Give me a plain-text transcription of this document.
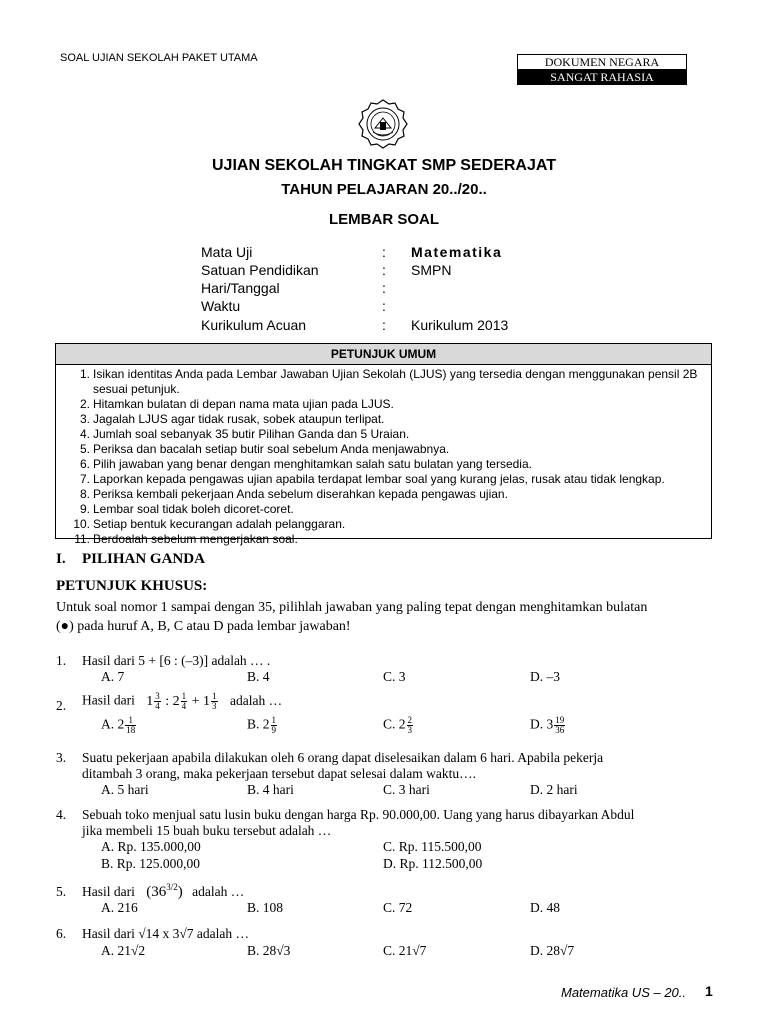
SOAL UJIAN SEKOLAH PAKET UTAMA	DOKUMEN NEGARA
SANGAT RAHASIA
UJIAN SEKOLAH TINGKAT SMP SEDERAJAT
TAHUN PELAJARAN 20../20..
LEMBAR SOAL
Mata Uji	: Matematika
Satuan Pendidikan	: SMPN
Hari/Tanggal	:
Waktu	:
Kurikulum Acuan	: Kurikulum 2013
PETUNJUK UMUM
1. Isikan identitas Anda pada Lembar Jawaban Ujian Sekolah (LJUS) yang tersedia dengan menggunakan pensil 2B sesuai petunjuk.
2. Hitamkan bulatan di depan nama mata ujian pada LJUS.
3. Jagalah LJUS agar tidak rusak, sobek ataupun terlipat.
4. Jumlah soal sebanyak 35 butir Pilihan Ganda dan 5 Uraian.
5. Periksa dan bacalah setiap butir soal sebelum Anda menjawabnya.
6. Pilih jawaban yang benar dengan menghitamkan salah satu bulatan yang tersedia.
7. Laporkan kepada pengawas ujian apabila terdapat lembar soal yang kurang jelas, rusak atau tidak lengkap.
8. Periksa kembali pekerjaan Anda sebelum diserahkan kepada pengawas ujian.
9. Lembar soal tidak boleh dicoret-coret.
10. Setiap bentuk kecurangan adalah pelanggaran.
11. Berdoalah sebelum mengerjakan soal.
I. PILIHAN GANDA
PETUNJUK KHUSUS:
Untuk soal nomor 1 sampai dengan 35, pilihlah jawaban yang paling tepat dengan menghitamkan bulatan
(●) pada huruf A, B, C atau D pada lembar jawaban!
1. Hasil dari 5 + [6 : (–3)] adalah … .
A. 7	B. 4	C. 3	D. –3
2. Hasil dari $1 \frac{3}{4}$ : $2 \frac{1}{4} + 1 \frac{1}{3}$ adalah …
A. $2 \frac{1}{18}$	B. $2 \frac{1}{9}$	C. $2 \frac{2}{3}$	D. $3 \frac{19}{36}$
3. Suatu pekerjaan apabila dilakukan oleh 6 orang dapat diselesaikan dalam 6 hari. Apabila pekerja
ditambah 3 orang, maka pekerjaan tersebut dapat selesai dalam waktu….
A. 5 hari	B. 4 hari	C. 3 hari	D. 2 hari
4. Sebuah toko menjual satu lusin buku dengan harga Rp. 90.000,00. Uang yang harus dibayarkan Abdul
jika membeli 15 buah buku tersebut adalah …
A. Rp. 135.000,00	C. Rp. 115.500,00
B. Rp. 125.000,00	D. Rp. 112.500,00
5. Hasil dari $(36^{3/2})$ adalah …
A. 216	B. 108	C. 72	D. 48
6. Hasil dari √14 x 3√7 adalah …
A. 21√2	B. 28√3	C. 21√7	D. 28√7
Matematika US – 20.. 1
